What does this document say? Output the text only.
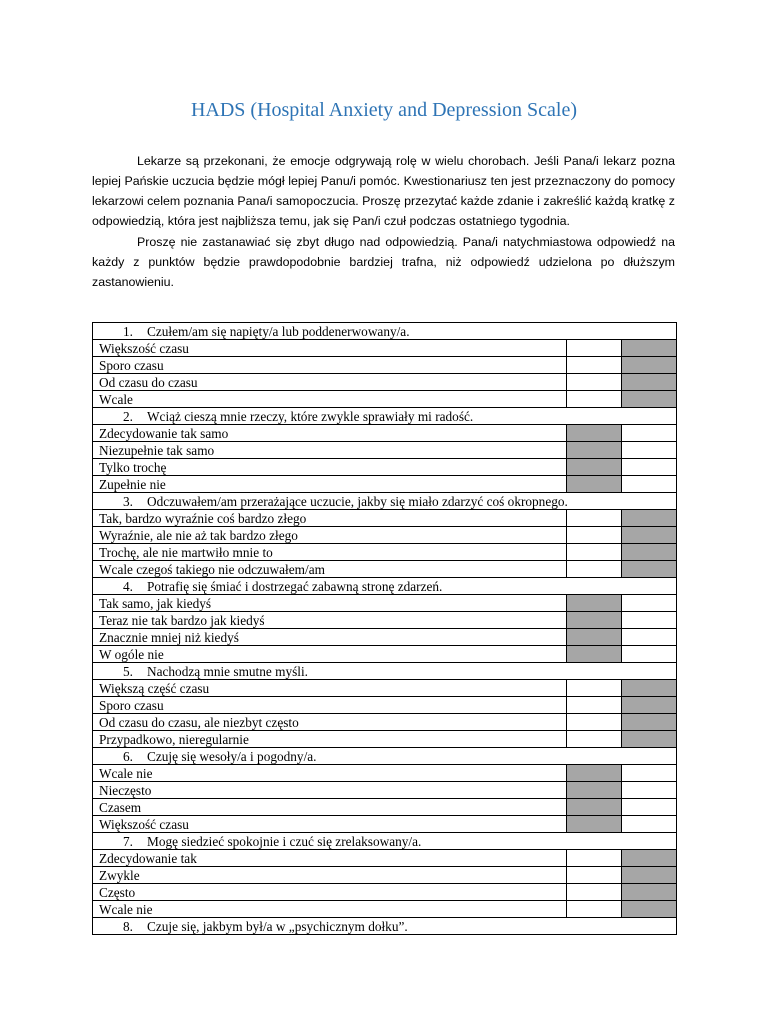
HADS (Hospital Anxiety and Depression Scale)

Lekarze są przekonani, że emocje odgrywają rolę w wielu chorobach. Jeśli Pana/i lekarz pozna lepiej Pańskie uczucia będzie mógł lepiej Panu/i pomóc. Kwestionariusz ten jest przeznaczony do pomocy lekarzowi celem poznania Pana/i samopoczucia. Proszę przezytać każde zdanie i zakreślić każdą kratkę z odpowiedzią, która jest najbliższa temu, jak się Pan/i czuł podczas ostatniego tygodnia.

Proszę nie zastanawiać się zbyt długo nad odpowiedzią. Pana/i natychmiastowa odpowiedź na każdy z punktów będzie prawdopodobnie bardziej trafna, niż odpowiedź udzielona po dłuższym zastanowieniu.

1. Czułem/am się napięty/a lub poddenerwowany/a.		
Większość czasu		
Sporo czasu		
Od czasu do czasu		
Wcale		
2. Wciąż cieszą mnie rzeczy, które zwykle sprawiały mi radość.		
Zdecydowanie tak samo		
Niezupełnie tak samo		
Tylko trochę		
Zupełnie nie		
3. Odczuwałem/am przerażające uczucie, jakby się miało zdarzyć coś okropnego.		
Tak, bardzo wyraźnie coś bardzo złego		
Wyraźnie, ale nie aż tak bardzo złego		
Trochę, ale nie martwiło mnie to		
Wcale czegoś takiego nie odczuwałem/am		
4. Potrafię się śmiać i dostrzegać zabawną stronę zdarzeń.		
Tak samo, jak kiedyś		
Teraz nie tak bardzo jak kiedyś		
Znacznie mniej niż kiedyś		
W ogóle nie		
5. Nachodzą mnie smutne myśli.		
Większą część czasu		
Sporo czasu		
Od czasu do czasu, ale niezbyt często		
Przypadkowo, nieregularnie		
6. Czuję się wesoły/a i pogodny/a.		
Wcale nie		
Nieczęsto		
Czasem		
Większość czasu		
7. Mogę siedzieć spokojnie i czuć się zrelaksowany/a.		
Zdecydowanie tak		
Zwykle		
Często		
Wcale nie		
8. Czuje się, jakbym był/a w „psychicznym dołku”.		
